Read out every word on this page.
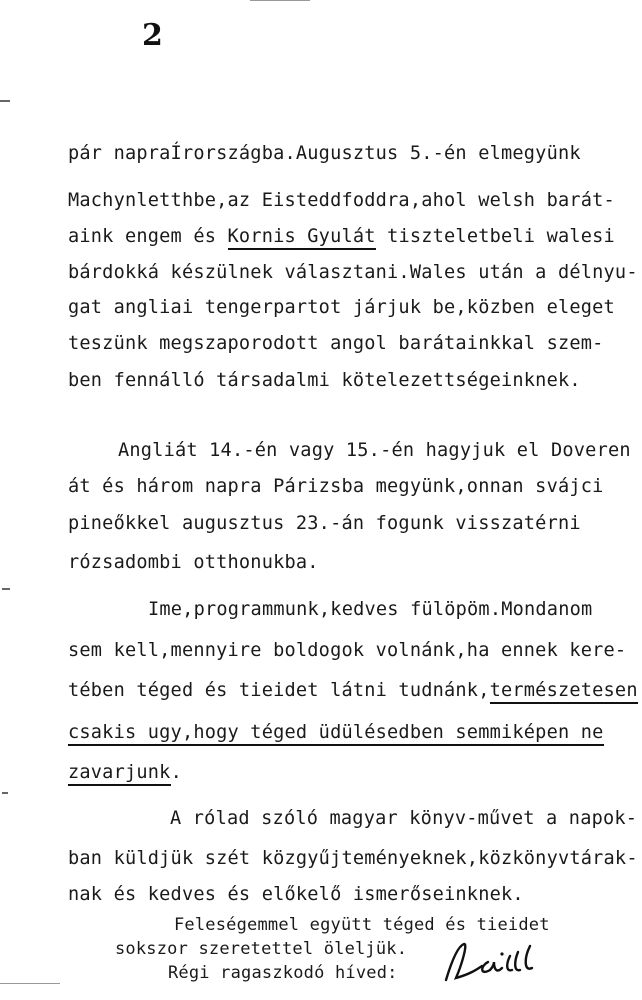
2
pár napraÍrországba.Augusztus 5.-én elmegyünk
Machynletthbe,az Eisteddfoddra,ahol welsh barát-
aink engem és Kornis Gyulát tiszteletbeli walesi
bárdokká készülnek választani.Wales után a délnyu-
gat angliai tengerpartot járjuk be,közben eleget
teszünk megszaporodott angol barátainkkal szem-
ben fennálló társadalmi kötelezettségeinknek.
Angliát 14.-én vagy 15.-én hagyjuk el Doveren
át és három napra Párizsba megyünk,onnan svájci
pineőkkel augusztus 23.-án fogunk visszatérni
rózsadombi otthonukba.
Ime,programmunk,kedves fülöpöm.Mondanom
sem kell,mennyire boldogok volnánk,ha ennek kere-
tében téged és tieidet látni tudnánk,természetesen
csakis ugy,hogy téged üdülésedben semmiképen ne
zavarjunk.
A rólad szóló magyar könyv-művet a napok-
ban küldjük szét közgyűjteményeknek,közkönyvtárak-
nak és kedves és előkelő ismerőseinknek.
Feleségemmel együtt téged és tieidet
sokszor szeretettel öleljük.
Régi ragaszkodó híved:
